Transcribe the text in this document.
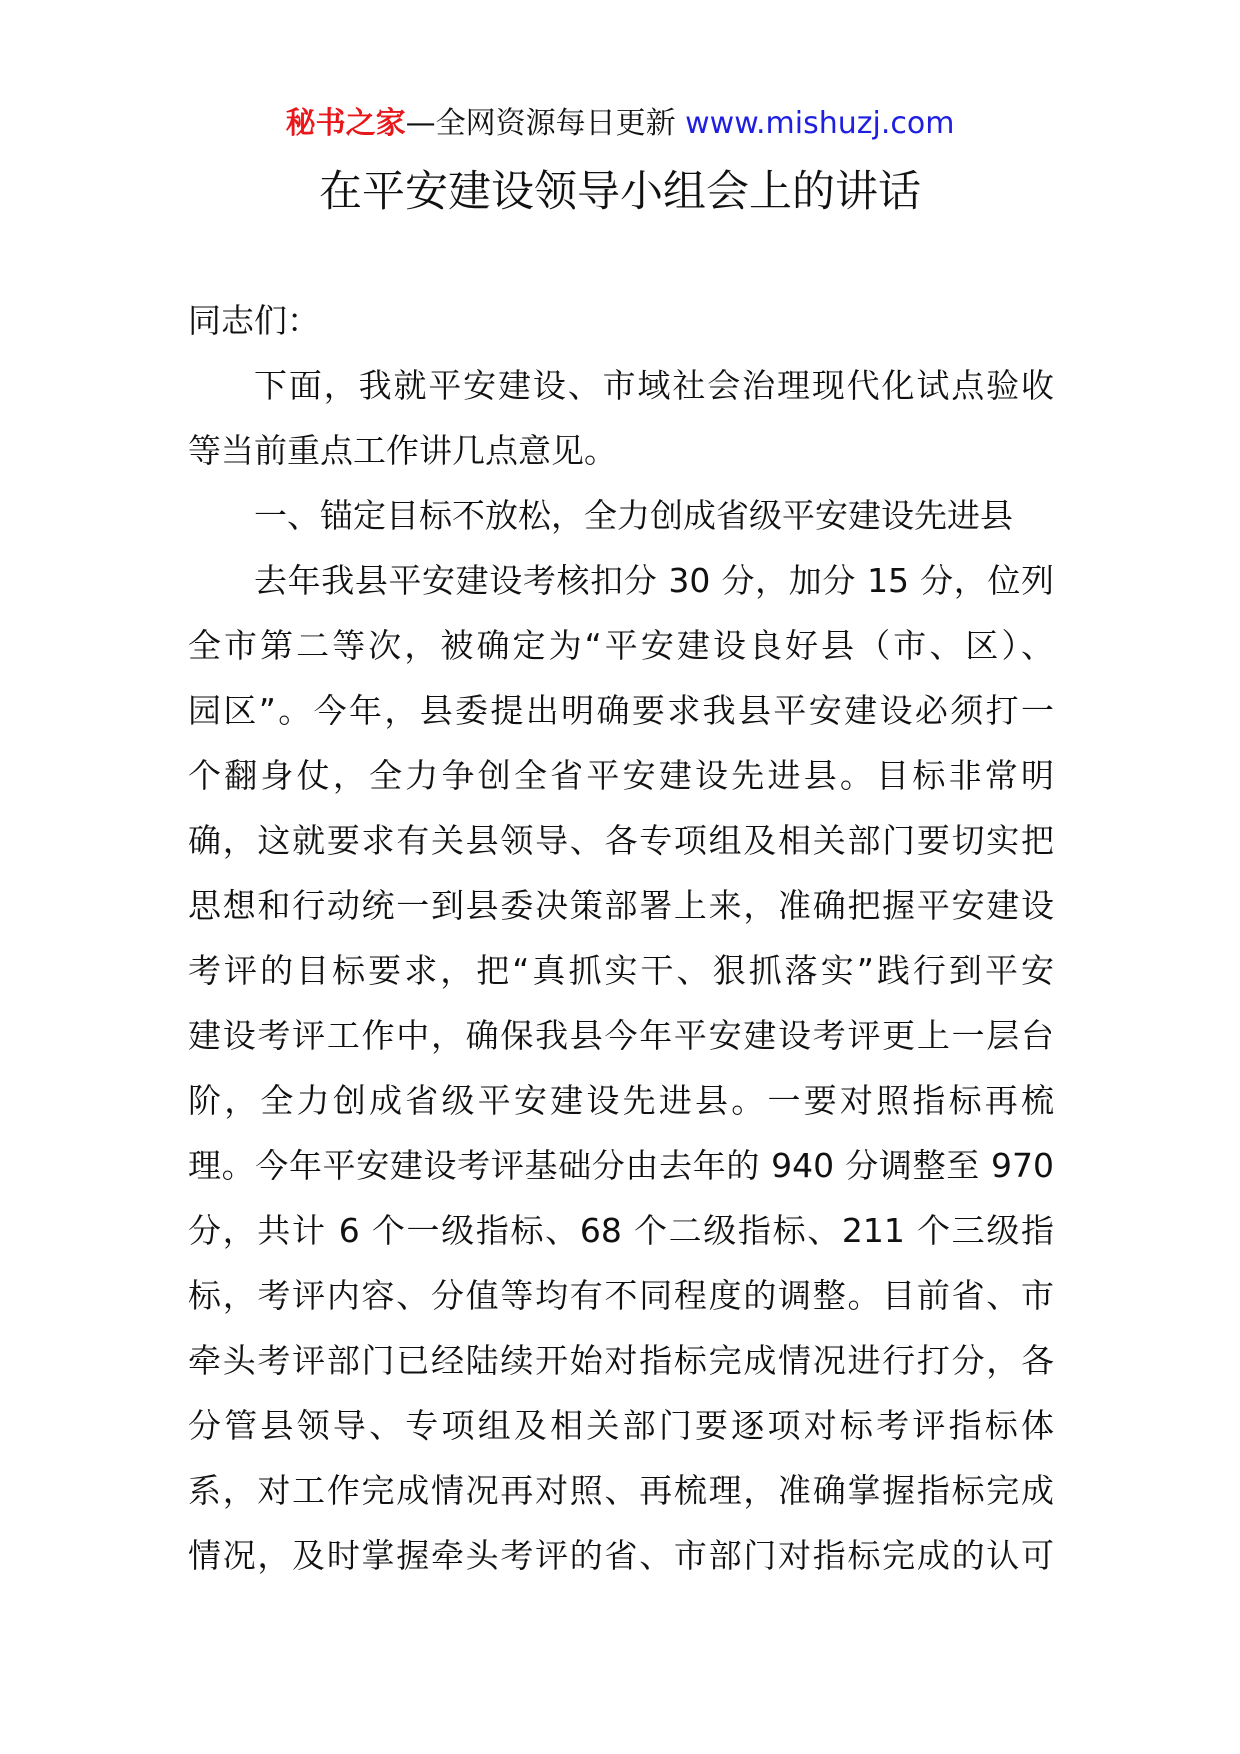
秘书之家—全网资源每日更新 www.mishuzj.com
在平安建设领导小组会上的讲话

同志们：

下面，我就平安建设、市域社会治理现代化试点验收
等当前重点工作讲几点意见。

一、锚定目标不放松，全力创成省级平安建设先进县

去年我县平安建设考核扣分 30 分，加分 15 分，位列
全市第二等次，被确定为“平安建设良好县（市、区）、
园区”。今年，县委提出明确要求我县平安建设必须打一
个翻身仗，全力争创全省平安建设先进县。目标非常明
确，这就要求有关县领导、各专项组及相关部门要切实把
思想和行动统一到县委决策部署上来，准确把握平安建设
考评的目标要求，把“真抓实干、狠抓落实”践行到平安
建设考评工作中，确保我县今年平安建设考评更上一层台
阶，全力创成省级平安建设先进县。一要对照指标再梳
理。今年平安建设考评基础分由去年的 940 分调整至 970
分，共计 6 个一级指标、68 个二级指标、211 个三级指
标，考评内容、分值等均有不同程度的调整。目前省、市
牵头考评部门已经陆续开始对指标完成情况进行打分，各
分管县领导、专项组及相关部门要逐项对标考评指标体
系，对工作完成情况再对照、再梳理，准确掌握指标完成
情况，及时掌握牵头考评的省、市部门对指标完成的认可
